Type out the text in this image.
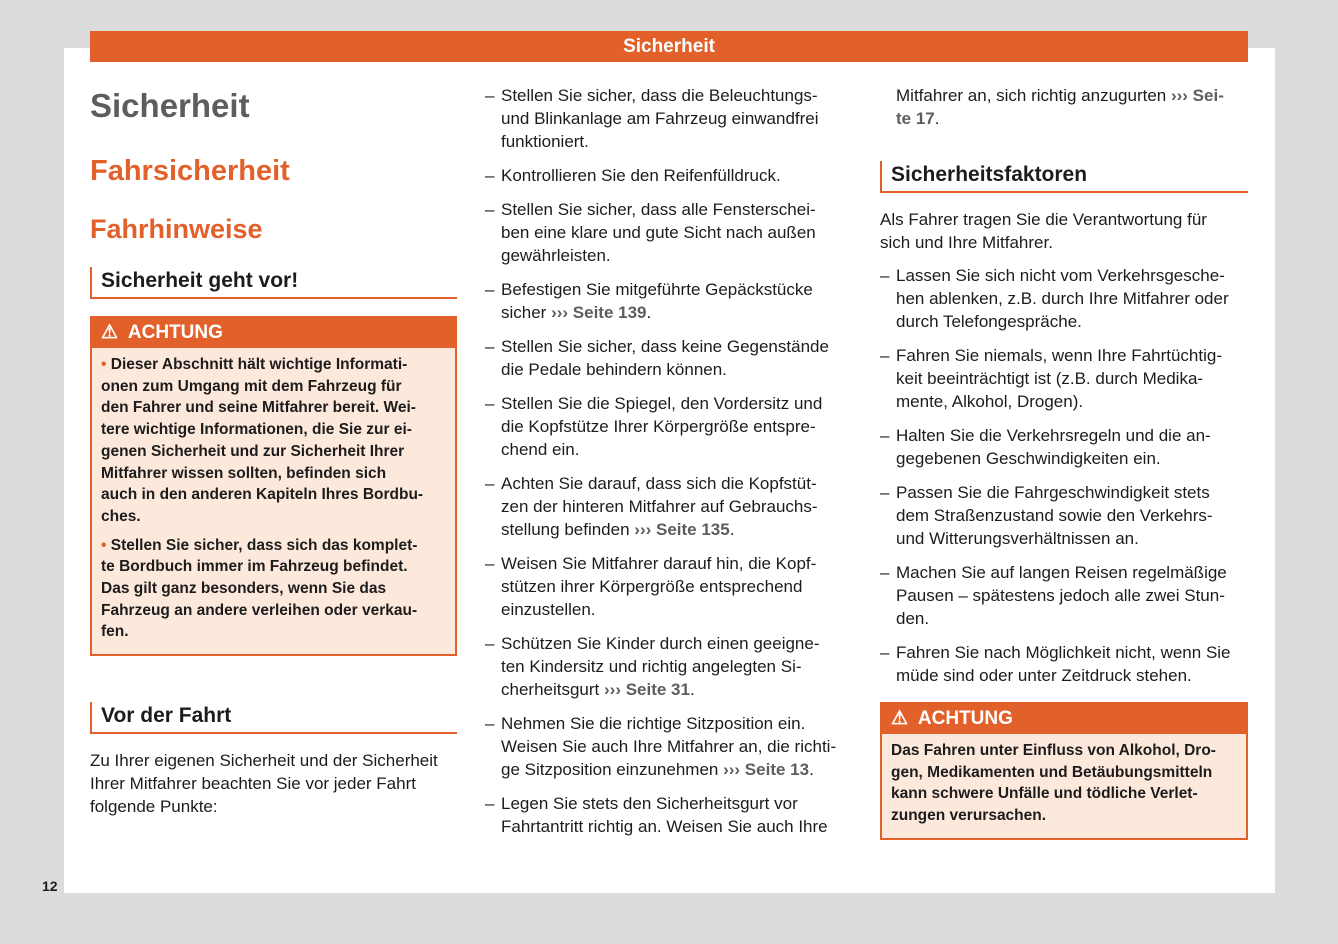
Sicherheit
12
Sicherheit
Fahrsicherheit
Fahrhinweise
Sicherheit geht vor!
⚠ ACHTUNG

• Dieser Abschnitt hält wichtige Informati-
onen zum Umgang mit dem Fahrzeug für
den Fahrer und seine Mitfahrer bereit. Wei-
tere wichtige Informationen, die Sie zur ei-
genen Sicherheit und zur Sicherheit Ihrer
Mitfahrer wissen sollten, befinden sich
auch in den anderen Kapiteln Ihres Bordbu-
ches.

• Stellen Sie sicher, dass sich das komplet-
te Bordbuch immer im Fahrzeug befindet.
Das gilt ganz besonders, wenn Sie das
Fahrzeug an andere verleihen oder verkau-
fen.

Vor der Fahrt

Zu Ihrer eigenen Sicherheit und der Sicherheit
Ihrer Mitfahrer beachten Sie vor jeder Fahrt
folgende Punkte:

– Stellen Sie sicher, dass die Beleuchtungs-
und Blinkanlage am Fahrzeug einwandfrei
funktioniert.
– Kontrollieren Sie den Reifenfülldruck.
– Stellen Sie sicher, dass alle Fensterschei-
ben eine klare und gute Sicht nach außen
gewährleisten.
– Befestigen Sie mitgeführte Gepäckstücke
sicher ››› Seite 139.
– Stellen Sie sicher, dass keine Gegenstände
die Pedale behindern können.
– Stellen Sie die Spiegel, den Vordersitz und
die Kopfstütze Ihrer Körpergröße entspre-
chend ein.
– Achten Sie darauf, dass sich die Kopfstüt-
zen der hinteren Mitfahrer auf Gebrauchs-
stellung befinden ››› Seite 135.
– Weisen Sie Mitfahrer darauf hin, die Kopf-
stützen ihrer Körpergröße entsprechend
einzustellen.
– Schützen Sie Kinder durch einen geeigne-
ten Kindersitz und richtig angelegten Si-
cherheitsgurt ››› Seite 31.
– Nehmen Sie die richtige Sitzposition ein.
Weisen Sie auch Ihre Mitfahrer an, die richti-
ge Sitzposition einzunehmen ››› Seite 13.
– Legen Sie stets den Sicherheitsgurt vor
Fahrtantritt richtig an. Weisen Sie auch Ihre

Mitfahrer an, sich richtig anzugurten ››› Sei-
te 17.

Sicherheitsfaktoren

Als Fahrer tragen Sie die Verantwortung für
sich und Ihre Mitfahrer.

– Lassen Sie sich nicht vom Verkehrsgesche-
hen ablenken, z.B. durch Ihre Mitfahrer oder
durch Telefongespräche.
– Fahren Sie niemals, wenn Ihre Fahrtüchtig-
keit beeinträchtigt ist (z.B. durch Medika-
mente, Alkohol, Drogen).
– Halten Sie die Verkehrsregeln und die an-
gegebenen Geschwindigkeiten ein.
– Passen Sie die Fahrgeschwindigkeit stets
dem Straßenzustand sowie den Verkehrs-
und Witterungsverhältnissen an.
– Machen Sie auf langen Reisen regelmäßige
Pausen – spätestens jedoch alle zwei Stun-
den.
– Fahren Sie nach Möglichkeit nicht, wenn Sie
müde sind oder unter Zeitdruck stehen.
⚠ ACHTUNG

Das Fahren unter Einfluss von Alkohol, Dro-
gen, Medikamenten und Betäubungsmitteln
kann schwere Unfälle und tödliche Verlet-
zungen verursachen.
